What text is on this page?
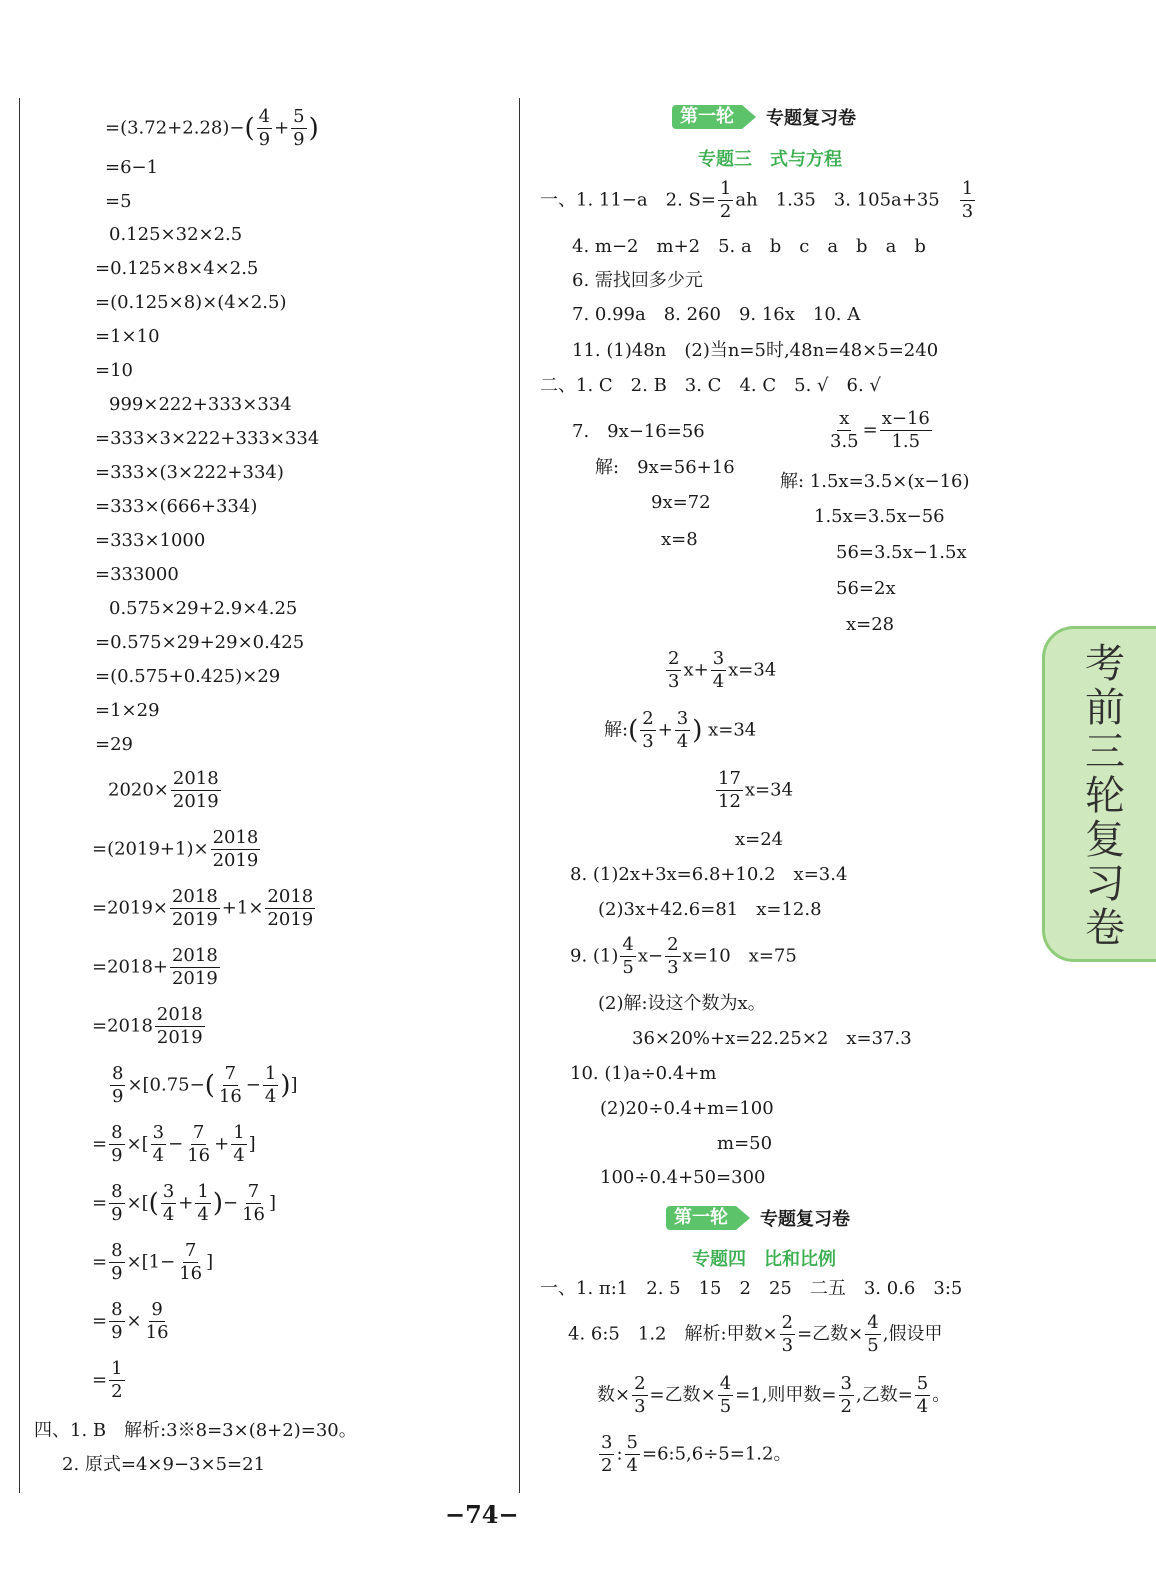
$=(3.72+2.28)-( \frac{4}{9} + \frac{5}{9}$ )
=6−1
=5
0.125×32×2.5
=0.125×8×4×2.5
=(0.125×8)×(4×2.5)
=1×10
=10
999×222+333×334
=333×3×222+333×334
=333×(3×222+334)
=333×(666+334)
=333×1000
=333000
0.575×29+2.9×4.25
=0.575×29+29×0.425
=(0.575+0.425)×29
=1×29
=29
$2020\times \frac{2018}{2019}$
$=(2019+1)\times \frac{2018}{2019}$
$=2019\times \frac{2018}{2019} +1\times \frac{2018}{2019}$
$=2018+ \frac{2018}{2019}$
$=2018 \frac{2018}{2019}$
$\frac{8}{9} \times[0.75-( \frac{7}{16} - \frac{1}{4}$ )]
= $\frac{8}{9}$ ×[ $\frac{3}{4} - \frac{7}{16} + \frac{1}{4}$ ]
= $\frac{8}{9}$ ×[( $\frac{3}{4} + \frac{1}{4}$ )− $\frac{7}{16}$ ]
= $\frac{8}{9} \times[1- \frac{7}{16}$ ]
= $\frac{8}{9} \times \frac{9}{16}$
= $\frac{1}{2}$
四、1. B　解析:3※8=3×(8+2)=30。
2. 原式=4×9−3×5=21
第一轮	专题复习卷
专题三　式与方程
一、1. 11−a　2. $S= \frac{1}{2}$ ah　1.35　3. 105a+35　 $\frac{1}{3}$
4. m−2　m+2　5. a　b　c　a　b　a　b
6. 需找回多少元
7. 0.99a　8. 260　9. 16x　10. A
11. (1)48n　(2)当n=5时,48n=48×5=240
二、1. C　2. B　3. C　4. C　5. √　6. √
7.　9x−16=56
解:　9x=56+16
9x=72
x=8
$\frac{x}{3.5} = \frac{x-16}{1.5}$
解: 1.5x=3.5×(x−16)
1.5x=3.5x−56
56=3.5x−1.5x
56=2x
x=28
$\frac{2}{3} x+ \frac{3}{4} x=34$
解:( $\frac{2}{3} + \frac{3}{4}$ ) x=34
$\frac{17}{12} x=34$
x=24
8. (1)2x+3x=6.8+10.2　x=3.4
(2)3x+42.6=81　x=12.8
9. $(1) \frac{4}{5} x- \frac{2}{3} x=10$　x=75
(2)解:设这个数为x。
36×20%+x=22.25×2　x=37.3
10. (1)a÷0.4+m
(2)20÷0.4+m=100
m=50
100÷0.4+50=300
第一轮	专题复习卷
专题四　比和比例
一、1. π:1　2. 5　15　2　25　二五　3. 0.6　3:5
4. 6:5　1.2　解析:甲数× $\frac{2}{3}$ =乙数× $\frac{4}{5}$ ,假设甲
数× $\frac{2}{3}$ =乙数× $\frac{4}{5} =1$,则甲数= $\frac{3}{2}$ ,乙数= $\frac{5}{4}$ 。
$\frac{3}{2}$ : $\frac{5}{4}$ =6:5,6÷5=1.2。
考前三轮复习卷
−74−
